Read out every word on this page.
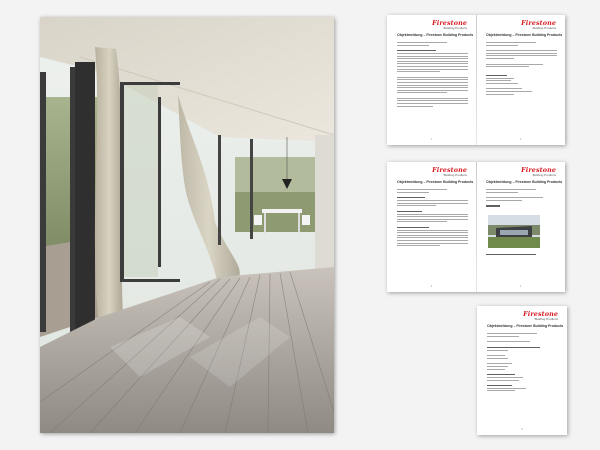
Firestone
Building Products
Objektmeldung – Firestone Building Products
1
Firestone
Building Products
Objektmeldung – Firestone Building Products
2
Firestone
Building Products
Objektmeldung – Firestone Building Products
3
Firestone
Building Products
Objektmeldung – Firestone Building Products
4
Firestone
Building Products
Objektmeldung – Firestone Building Products
5
